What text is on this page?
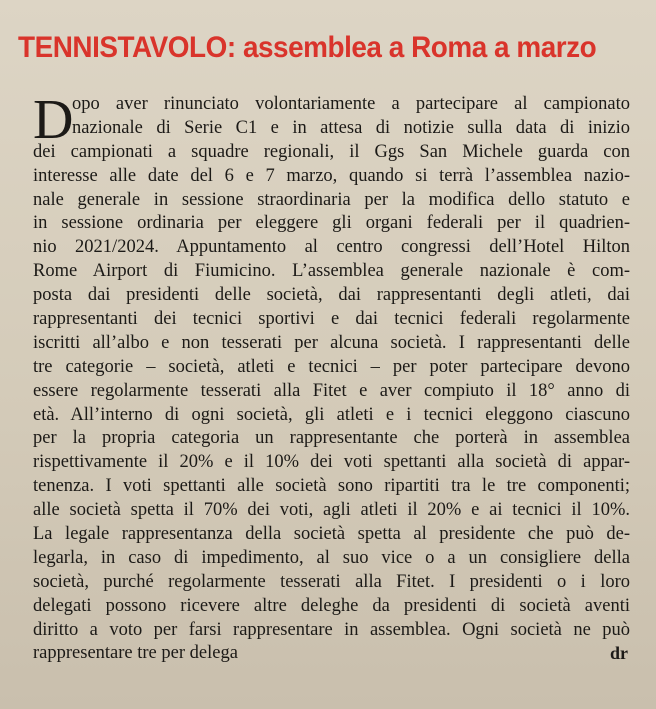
TENNISTAVOLO: assemblea a Roma a marzo
D
opo aver rinunciato volontariamente a partecipare al campionato
nazionale di Serie C1 e in attesa di notizie sulla data di inizio
dei campionati a squadre regionali, il Ggs San Michele guarda con
interesse alle date del 6 e 7 marzo, quando si terrà l’assemblea nazio-
nale generale in sessione straordinaria per la modifica dello statuto e
in sessione ordinaria per eleggere gli organi federali per il quadrien-
nio 2021/2024. Appuntamento al centro congressi dell’Hotel Hilton
Rome Airport di Fiumicino. L’assemblea generale nazionale è com-
posta dai presidenti delle società, dai rappresentanti degli atleti, dai
rappresentanti dei tecnici sportivi e dai tecnici federali regolarmente
iscritti all’albo e non tesserati per alcuna società. I rappresentanti delle
tre categorie – società, atleti e tecnici – per poter partecipare devono
essere regolarmente tesserati alla Fitet e aver compiuto il 18° anno di
età. All’interno di ogni società, gli atleti e i tecnici eleggono ciascuno
per la propria categoria un rappresentante che porterà in assemblea
rispettivamente il 20% e il 10% dei voti spettanti alla società di appar-
tenenza. I voti spettanti alle società sono ripartiti tra le tre componenti;
alle società spetta il 70% dei voti, agli atleti il 20% e ai tecnici il 10%.
La legale rappresentanza della società spetta al presidente che può de-
legarla, in caso di impedimento, al suo vice o a un consigliere della
società, purché regolarmente tesserati alla Fitet. I presidenti o i loro
delegati possono ricevere altre deleghe da presidenti di società aventi
diritto a voto per farsi rappresentare in assemblea. Ogni società ne può
rappresentare tre per delega	dr
